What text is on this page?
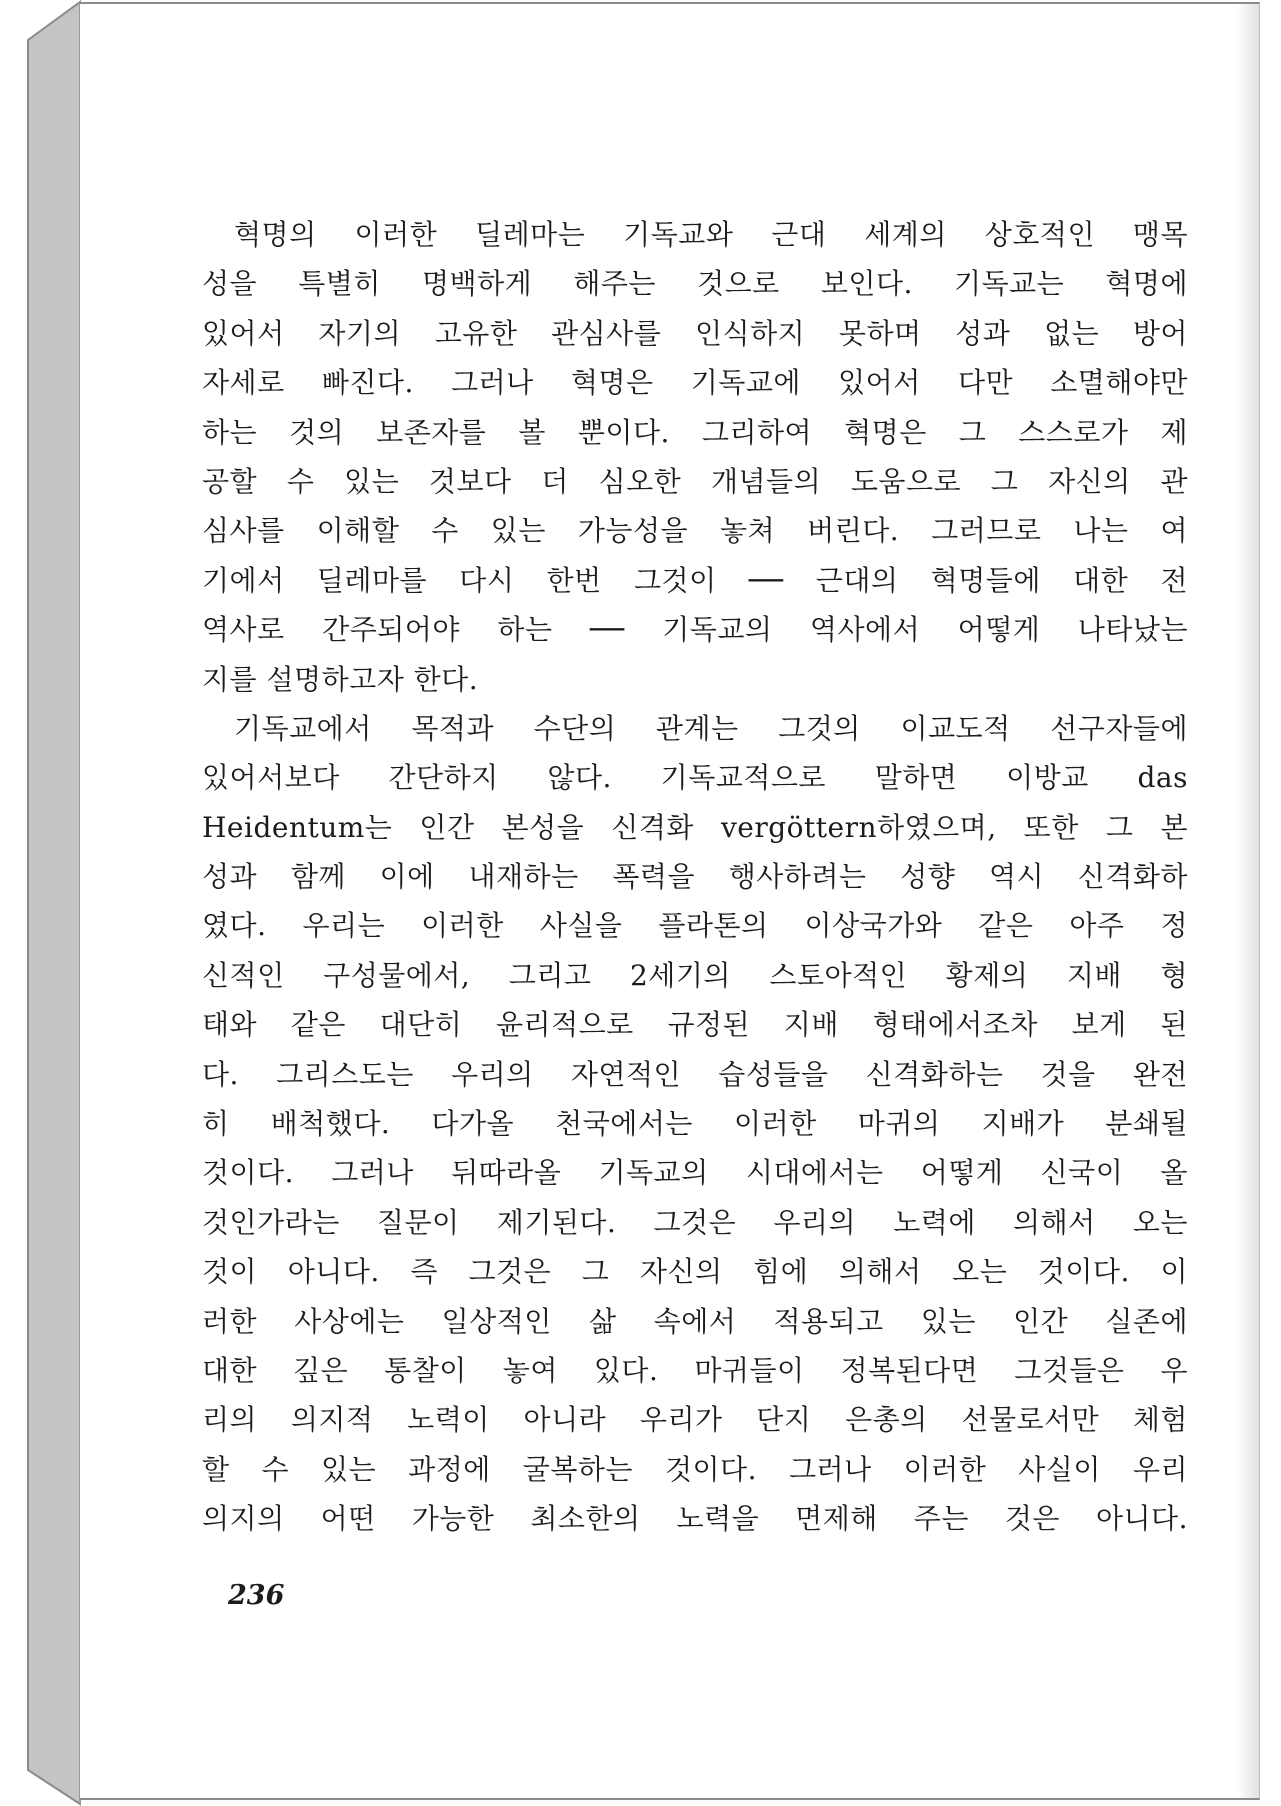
혁명의 이러한 딜레마는 기독교와 근대 세계의 상호적인 맹목
성을 특별히 명백하게 해주는 것으로 보인다. 기독교는 혁명에
있어서 자기의 고유한 관심사를 인식하지 못하며 성과 없는 방어
자세로 빠진다. 그러나 혁명은 기독교에 있어서 다만 소멸해야만
하는 것의 보존자를 볼 뿐이다. 그리하여 혁명은 그 스스로가 제
공할 수 있는 것보다 더 심오한 개념들의 도움으로 그 자신의 관
심사를 이해할 수 있는 가능성을 놓쳐 버린다. 그러므로 나는 여
기에서 딜레마를 다시 한번 그것이 ── 근대의 혁명들에 대한 전
역사로 간주되어야 하는 ── 기독교의 역사에서 어떻게 나타났는
지를 설명하고자 한다.
기독교에서 목적과 수단의 관계는 그것의 이교도적 선구자들에
있어서보다 간단하지 않다. 기독교적으로 말하면 이방교 das
Heidentum는 인간 본성을 신격화 vergöttern하였으며, 또한 그 본
성과 함께 이에 내재하는 폭력을 행사하려는 성향 역시 신격화하
였다. 우리는 이러한 사실을 플라톤의 이상국가와 같은 아주 정
신적인 구성물에서, 그리고 2세기의 스토아적인 황제의 지배 형
태와 같은 대단히 윤리적으로 규정된 지배 형태에서조차 보게 된
다. 그리스도는 우리의 자연적인 습성들을 신격화하는 것을 완전
히 배척했다. 다가올 천국에서는 이러한 마귀의 지배가 분쇄될
것이다. 그러나 뒤따라올 기독교의 시대에서는 어떻게 신국이 올
것인가라는 질문이 제기된다. 그것은 우리의 노력에 의해서 오는
것이 아니다. 즉 그것은 그 자신의 힘에 의해서 오는 것이다. 이
러한 사상에는 일상적인 삶 속에서 적용되고 있는 인간 실존에
대한 깊은 통찰이 놓여 있다. 마귀들이 정복된다면 그것들은 우
리의 의지적 노력이 아니라 우리가 단지 은총의 선물로서만 체험
할 수 있는 과정에 굴복하는 것이다. 그러나 이러한 사실이 우리
의지의 어떤 가능한 최소한의 노력을 면제해 주는 것은 아니다.
236
